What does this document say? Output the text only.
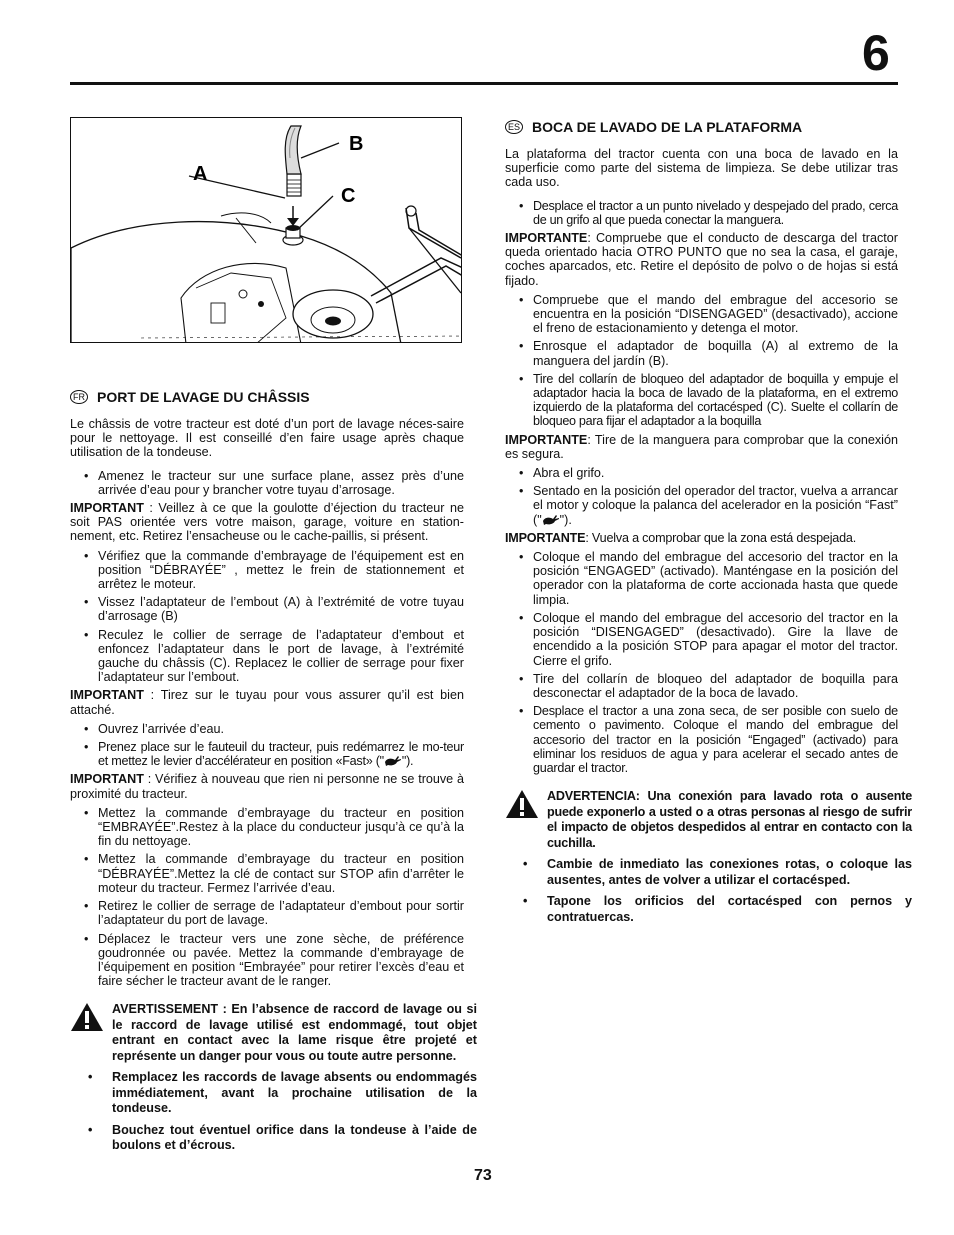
6
A
B
C
FR PORT DE LAVAGE DU CHÂSSIS

Le châssis de votre tracteur est doté d’un port de lavage néces-saire pour le nettoyage. Il est conseillé d’en faire usage après chaque utilisation de la tondeuse.

• Amenez le tracteur sur une surface plane, assez près d’une arrivée d’eau pour y brancher votre tuyau d’arrosage.

IMPORTANT : Veillez à ce que la goulotte d’éjection du tracteur ne soit PAS orientée vers votre maison, garage, voiture en station-nement, etc. Retirez l’ensacheuse ou le cache-paillis, si présent.

• Vérifiez que la commande d’embrayage de l’équipement est en position “DÉBRAYÉE” , mettez le frein de stationnement et arrêtez le moteur.
• Vissez l’adaptateur de l’embout (A) à l’extrémité de votre tuyau d’arrosage (B)
• Reculez le collier de serrage de l’adaptateur d’embout et enfoncez l’adaptateur dans le port de lavage, à l’extrémité gauche du châssis (C). Replacez le collier de serrage pour fixer l’adaptateur sur l’embout.

IMPORTANT : Tirez sur le tuyau pour vous assurer qu’il est bien attaché.

• Ouvrez l’arrivée d’eau.
• Prenez place sur le fauteuil du tracteur, puis redémarrez le mo-teur et mettez le levier d’accélérateur en position «Fast» (" ").

IMPORTANT : Vérifiez à nouveau que rien ni personne ne se trouve à proximité du tracteur.

• Mettez la commande d’embrayage du tracteur en position “EMBRAYÉE”.Restez à la place du conducteur jusqu’à ce qu’à la fin du nettoyage.
• Mettez la commande d’embrayage du tracteur en position “DÉBRAYÉE”.Mettez la clé de contact sur STOP afin d’arrêter le moteur du tracteur. Fermez l’arrivée d’eau.
• Retirez le collier de serrage de l’adaptateur d’embout pour sortir l’adaptateur du port de lavage.
• Déplacez le tracteur vers une zone sèche, de préférence goudronnée ou pavée. Mettez la commande d’embrayage de l’équipement en position “Embrayée” pour retirer l’excès d’eau et faire sécher le tracteur avant de le ranger.

AVERTISSEMENT : En l’absence de raccord de lavage ou si le raccord de lavage utilisé est endommagé, tout objet entrant en contact avec la lame risque être projeté et représente un danger pour vous ou toute autre personne.

• Remplacez les raccords de lavage absents ou endommagés immédiatement, avant la prochaine utilisation de la tondeuse.
• Bouchez tout éventuel orifice dans la tondeuse à l’aide de boulons et d’écrous.
ES BOCA DE LAVADO DE LA PLATAFORMA

La plataforma del tractor cuenta con una boca de lavado en la superficie como parte del sistema de limpieza. Se debe utilizar tras cada uso.

• Desplace el tractor a un punto nivelado y despejado del prado, cerca de un grifo al que pueda conectar la manguera.

IMPORTANTE: Compruebe que el conducto de descarga del tractor queda orientado hacia OTRO PUNTO que no sea la casa, el garaje, coches aparcados, etc. Retire el depósito de polvo o de hojas si está fijado.

• Compruebe que el mando del embrague del accesorio se encuentra en la posición “DISENGAGED” (desactivado), accione el freno de estacionamiento y detenga el motor.
• Enrosque el adaptador de boquilla (A) al extremo de la manguera del jardín (B).
• Tire del collarín de bloqueo del adaptador de boquilla y empuje el adaptador hacia la boca de lavado de la plataforma, en el extremo izquierdo de la plataforma del cortacésped (C). Suelte el collarín de bloqueo para fijar el adaptador a la boquilla

IMPORTANTE: Tire de la manguera para comprobar que la conexión es segura.

• Abra el grifo.
• Sentado en la posición del operador del tractor, vuelva a arrancar el motor y coloque la palanca del acelerador en la posición “Fast” (" ").

IMPORTANTE: Vuelva a comprobar que la zona está despejada.

• Coloque el mando del embrague del accesorio del tractor en la posición “ENGAGED” (activado). Manténgase en la posición del operador con la plataforma de corte accionada hasta que quede limpia.
• Coloque el mando del embrague del accesorio del tractor en la posición “DISENGAGED” (desactivado). Gire la llave de encendido a la posición STOP para apagar el motor del tractor. Cierre el grifo.
• Tire del collarín de bloqueo del adaptador de boquilla para desconectar el adaptador de la boca de lavado.
• Desplace el tractor a una zona seca, de ser posible con suelo de cemento o pavimento. Coloque el mando del embrague del accesorio del tractor en la posición “Engaged” (activado) para eliminar los residuos de agua y para acelerar el secado antes de guardar el tractor.

ADVERTENCIA: Una conexión para lavado rota o ausente puede exponerlo a usted o a otras personas al riesgo de sufrir el impacto de objetos despedidos al entrar en contacto con la cuchilla.

• Cambie de inmediato las conexiones rotas, o coloque las ausentes, antes de volver a utilizar el cortacésped.
• Tapone los orificios del cortacésped con pernos y contratuercas.
73
